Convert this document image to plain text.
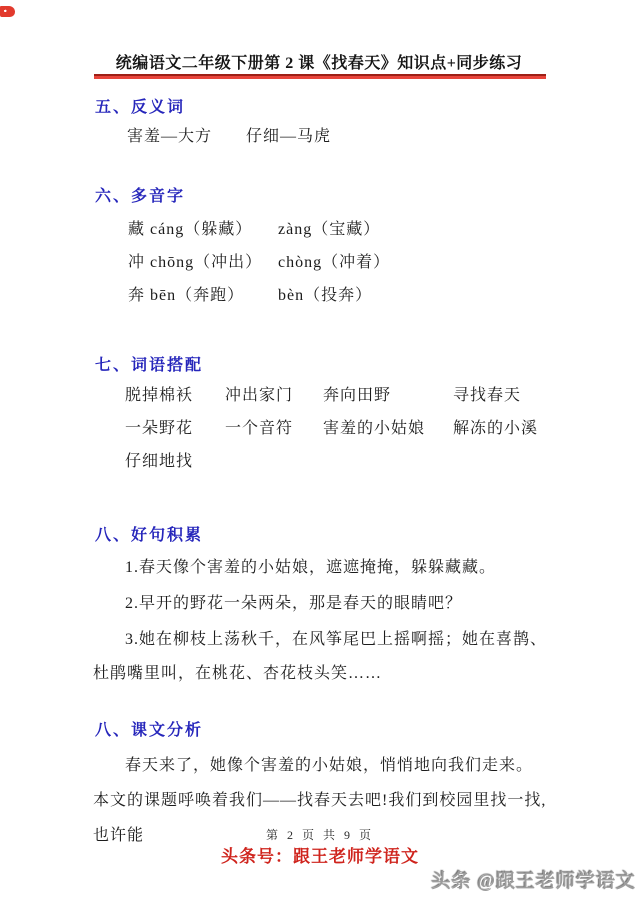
统编语文二年级下册第 2 课《找春天》知识点+同步练习
五、反义词
害羞—大方 仔细—马虎
六、多音字
藏 cáng（躲藏）	zàng（宝藏）
冲 chōng（冲出） chòng（冲着）
奔 bēn（奔跑）	bèn（投奔）
七、词语搭配
脱掉棉袄 冲出家门 奔向田野	寻找春天
一朵野花 一个音符 害羞的小姑娘 解冻的小溪
仔细地找
八、好句积累

1.春天像个害羞的小姑娘，遮遮掩掩，躲躲藏藏。

2.早开的野花一朵两朵，那是春天的眼睛吧？

3.她在柳枝上荡秋千，在风筝尾巴上摇啊摇；她在喜鹊、杜鹃嘴里叫，在桃花、杏花枝头笑……

八、课文分析

春天来了，她像个害羞的小姑娘，悄悄地向我们走来。本文的课题呼唤着我们——找春天去吧!我们到校园里找一找,也许能	第 2 页 共 9 页
头条号：跟王老师学语文
头条 @跟王老师学语文
